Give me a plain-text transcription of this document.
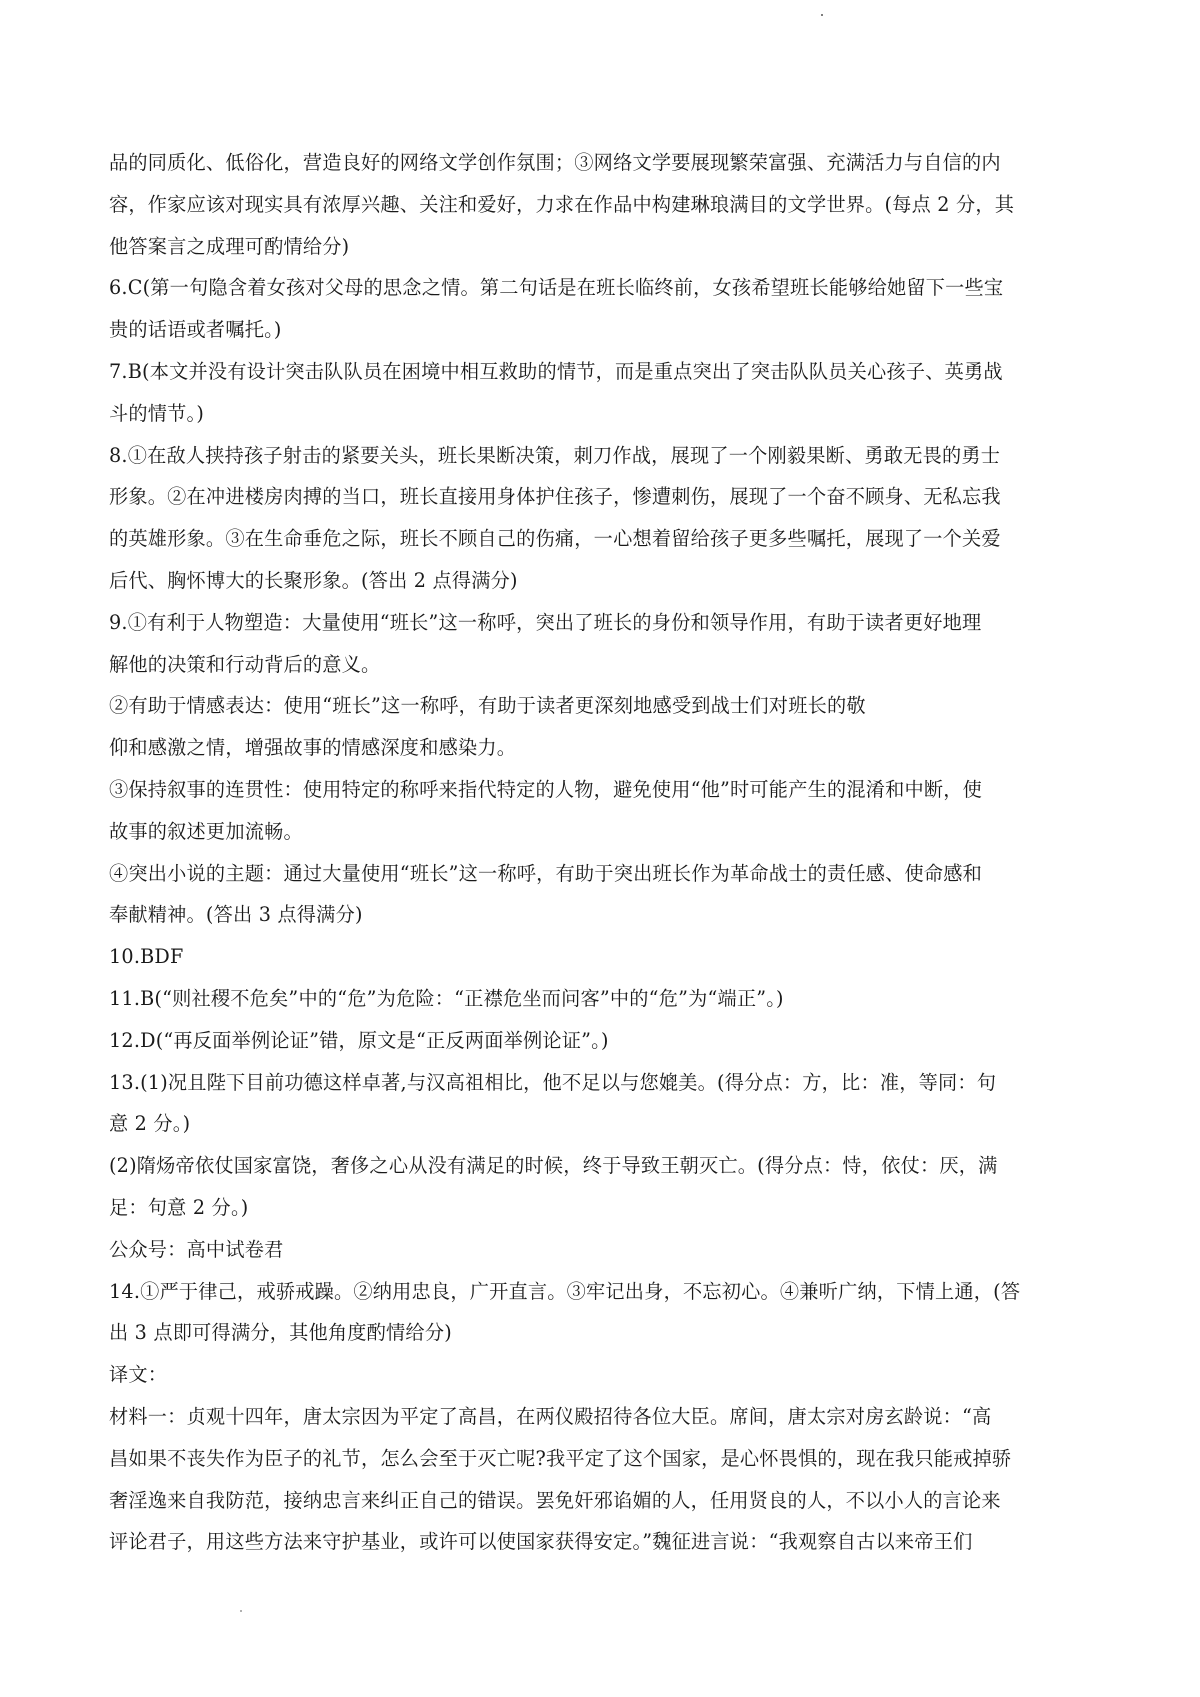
品的同质化、低俗化，营造良好的网络文学创作氛围；③网络文学要展现繁荣富强、充满活力与自信的内
容，作家应该对现实具有浓厚兴趣、关注和爱好，力求在作品中构建琳琅满目的文学世界。(每点 2 分，其
他答案言之成理可酌情给分)
6.C(第一句隐含着女孩对父母的思念之情。第二句话是在班长临终前，女孩希望班长能够给她留下一些宝
贵的话语或者嘱托。)
7.B(本文并没有设计突击队队员在困境中相互救助的情节，而是重点突出了突击队队员关心孩子、英勇战
斗的情节。)
8.①在敌人挟持孩子射击的紧要关头，班长果断决策，刺刀作战，展现了一个刚毅果断、勇敢无畏的勇士
形象。②在冲进楼房肉搏的当口，班长直接用身体护住孩子，惨遭刺伤，展现了一个奋不顾身、无私忘我
的英雄形象。③在生命垂危之际，班长不顾自己的伤痛，一心想着留给孩子更多些嘱托，展现了一个关爱
后代、胸怀博大的长聚形象。(答出 2 点得满分)
9.①有利于人物塑造：大量使用“班长”这一称呼，突出了班长的身份和领导作用，有助于读者更好地理
解他的决策和行动背后的意义。
②有助于情感表达：使用“班长”这一称呼，有助于读者更深刻地感受到战士们对班长的敬
仰和感激之情，增强故事的情感深度和感染力。
③保持叙事的连贯性：使用特定的称呼来指代特定的人物，避免使用“他”时可能产生的混淆和中断，使
故事的叙述更加流畅。
④突出小说的主题：通过大量使用“班长”这一称呼，有助于突出班长作为革命战士的责任感、使命感和
奉献精神。(答出 3 点得满分)
10.BDF
11.B(“则社稷不危矣”中的“危”为危险：“正襟危坐而问客”中的“危”为“端正”。)
12.D(“再反面举例论证”错，原文是“正反两面举例论证”。)
13.(1)况且陛下目前功德这样卓著,与汉高祖相比，他不足以与您媲美。(得分点：方，比：准，等同：句
意 2 分。)
(2)隋炀帝依仗国家富饶，奢侈之心从没有满足的时候，终于导致王朝灭亡。(得分点：恃，依仗：厌，满
足：句意 2 分。)
公众号：高中试卷君
14.①严于律己，戒骄戒躁。②纳用忠良，广开直言。③牢记出身，不忘初心。④兼听广纳，下情上通，(答
出 3 点即可得满分，其他角度酌情给分)
译文：
材料一：贞观十四年，唐太宗因为平定了高昌，在两仪殿招待各位大臣。席间，唐太宗对房玄龄说：“高
昌如果不丧失作为臣子的礼节，怎么会至于灭亡呢?我平定了这个国家，是心怀畏惧的，现在我只能戒掉骄
奢淫逸来自我防范，接纳忠言来纠正自己的错误。罢免奸邪谄媚的人，任用贤良的人，不以小人的言论来
评论君子，用这些方法来守护基业，或许可以使国家获得安定。”魏征进言说：“我观察自古以来帝王们
